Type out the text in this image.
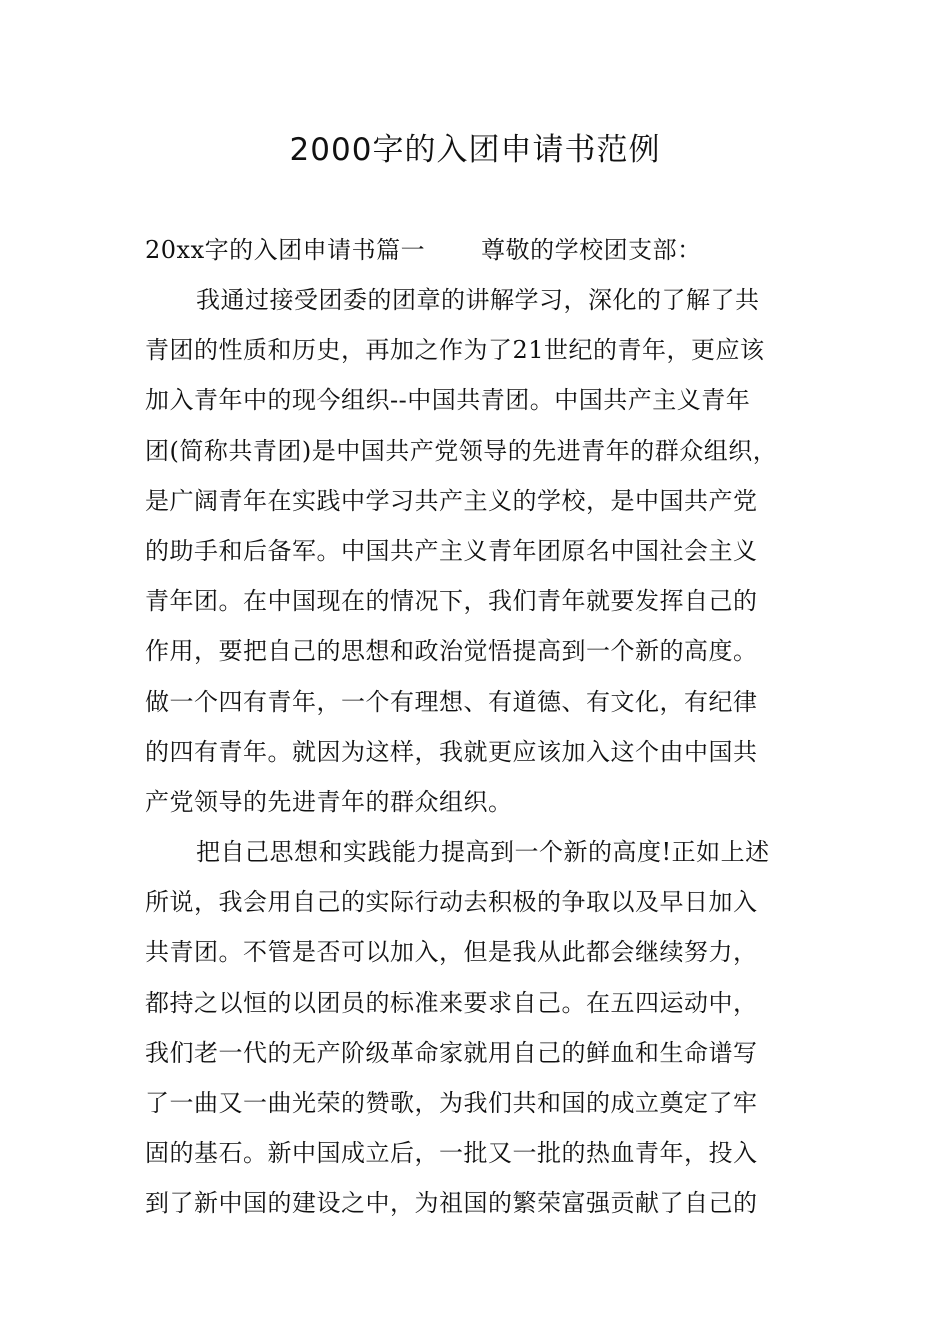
2000字的入团申请书范例
20xx字的入团申请书篇一 尊敬的学校团支部：
我通过接受团委的团章的讲解学习，深化的了解了共
青团的性质和历史，再加之作为了21世纪的青年，更应该
加入青年中的现今组织--中国共青团。中国共产主义青年
团(简称共青团)是中国共产党领导的先进青年的群众组织，
是广阔青年在实践中学习共产主义的学校，是中国共产党
的助手和后备军。中国共产主义青年团原名中国社会主义
青年团。在中国现在的情况下，我们青年就要发挥自己的
作用，要把自己的思想和政治觉悟提高到一个新的高度。
做一个四有青年，一个有理想、有道德、有文化，有纪律
的四有青年。就因为这样，我就更应该加入这个由中国共
产党领导的先进青年的群众组织。
把自己思想和实践能力提高到一个新的高度!正如上述
所说，我会用自己的实际行动去积极的争取以及早日加入
共青团。不管是否可以加入，但是我从此都会继续努力，
都持之以恒的以团员的标准来要求自己。在五四运动中，
我们老一代的无产阶级革命家就用自己的鲜血和生命谱写
了一曲又一曲光荣的赞歌，为我们共和国的成立奠定了牢
固的基石。新中国成立后，一批又一批的热血青年，投入
到了新中国的建设之中，为祖国的繁荣富强贡献了自己的
